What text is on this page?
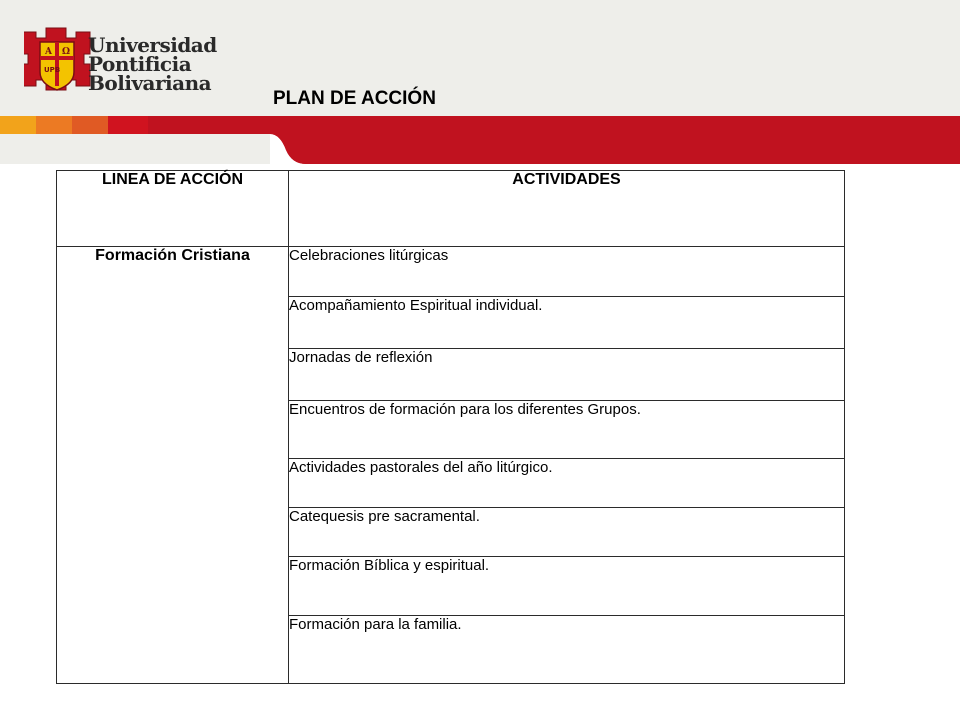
A Ω
UPB
Universidad
Pontificia
Bolivariana
PLAN DE ACCIÓN
LINEA DE ACCIÓN	ACTIVIDADES
Formación Cristiana	Celebraciones litúrgicas
	Acompañamiento Espiritual individual.
	Jornadas de reflexión
	Encuentros de formación para los diferentes Grupos.
	Actividades pastorales del año litúrgico.
	Catequesis pre sacramental.
	Formación Bíblica y espiritual.
	Formación para la familia.
